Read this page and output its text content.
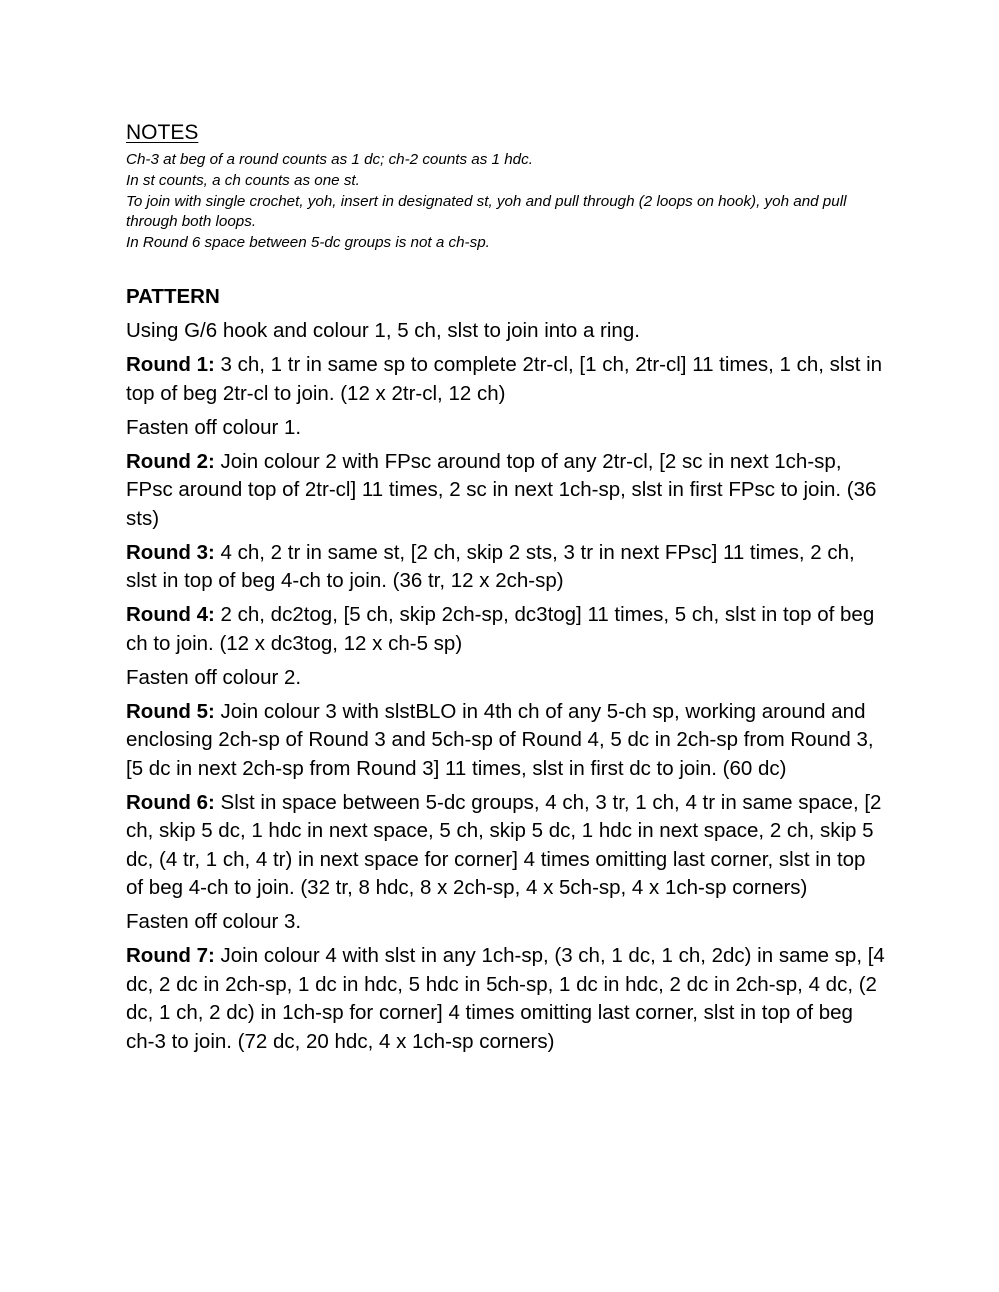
NOTES
Ch-3 at beg of a round counts as 1 dc; ch-2 counts as 1 hdc.
In st counts, a ch counts as one st.
To join with single crochet, yoh, insert in designated st, yoh and pull through (2 loops on hook), yoh and pull through both loops.
In Round 6 space between 5-dc groups is not a ch-sp.
PATTERN

Using G/6 hook and colour 1, 5 ch, slst to join into a ring.

Round 1: 3 ch, 1 tr in same sp to complete 2tr-cl, [1 ch, 2tr-cl] 11 times, 1 ch, slst in top of beg 2tr-cl to join. (12 x 2tr-cl, 12 ch)

Fasten off colour 1.

Round 2: Join colour 2 with FPsc around top of any 2tr-cl, [2 sc in next 1ch-sp, FPsc around top of 2tr-cl] 11 times, 2 sc in next 1ch-sp, slst in first FPsc to join. (36 sts)

Round 3: 4 ch, 2 tr in same st, [2 ch, skip 2 sts, 3 tr in next FPsc] 11 times, 2 ch, slst in top of beg 4-ch to join. (36 tr, 12 x 2ch-sp)

Round 4: 2 ch, dc2tog, [5 ch, skip 2ch-sp, dc3tog] 11 times, 5 ch, slst in top of beg ch to join. (12 x dc3tog, 12 x ch-5 sp)

Fasten off colour 2.

Round 5: Join colour 3 with slstBLO in 4th ch of any 5-ch sp, working around and enclosing 2ch-sp of Round 3 and 5ch-sp of Round 4, 5 dc in 2ch-sp from Round 3, [5 dc in next 2ch-sp from Round 3] 11 times, slst in first dc to join. (60 dc)

Round 6: Slst in space between 5-dc groups, 4 ch, 3 tr, 1 ch, 4 tr in same space, [2 ch, skip 5 dc, 1 hdc in next space, 5 ch, skip 5 dc, 1 hdc in next space, 2 ch, skip 5 dc, (4 tr, 1 ch, 4 tr) in next space for corner] 4 times omitting last corner, slst in top of beg 4-ch to join. (32 tr, 8 hdc, 8 x 2ch-sp, 4 x 5ch-sp, 4 x 1ch-sp corners)

Fasten off colour 3.

Round 7: Join colour 4 with slst in any 1ch-sp, (3 ch, 1 dc, 1 ch, 2dc) in same sp, [4 dc, 2 dc in 2ch-sp, 1 dc in hdc, 5 hdc in 5ch-sp, 1 dc in hdc, 2 dc in 2ch-sp, 4 dc, (2 dc, 1 ch, 2 dc) in 1ch-sp for corner] 4 times omitting last corner, slst in top of beg ch-3 to join. (72 dc, 20 hdc, 4 x 1ch-sp corners)
